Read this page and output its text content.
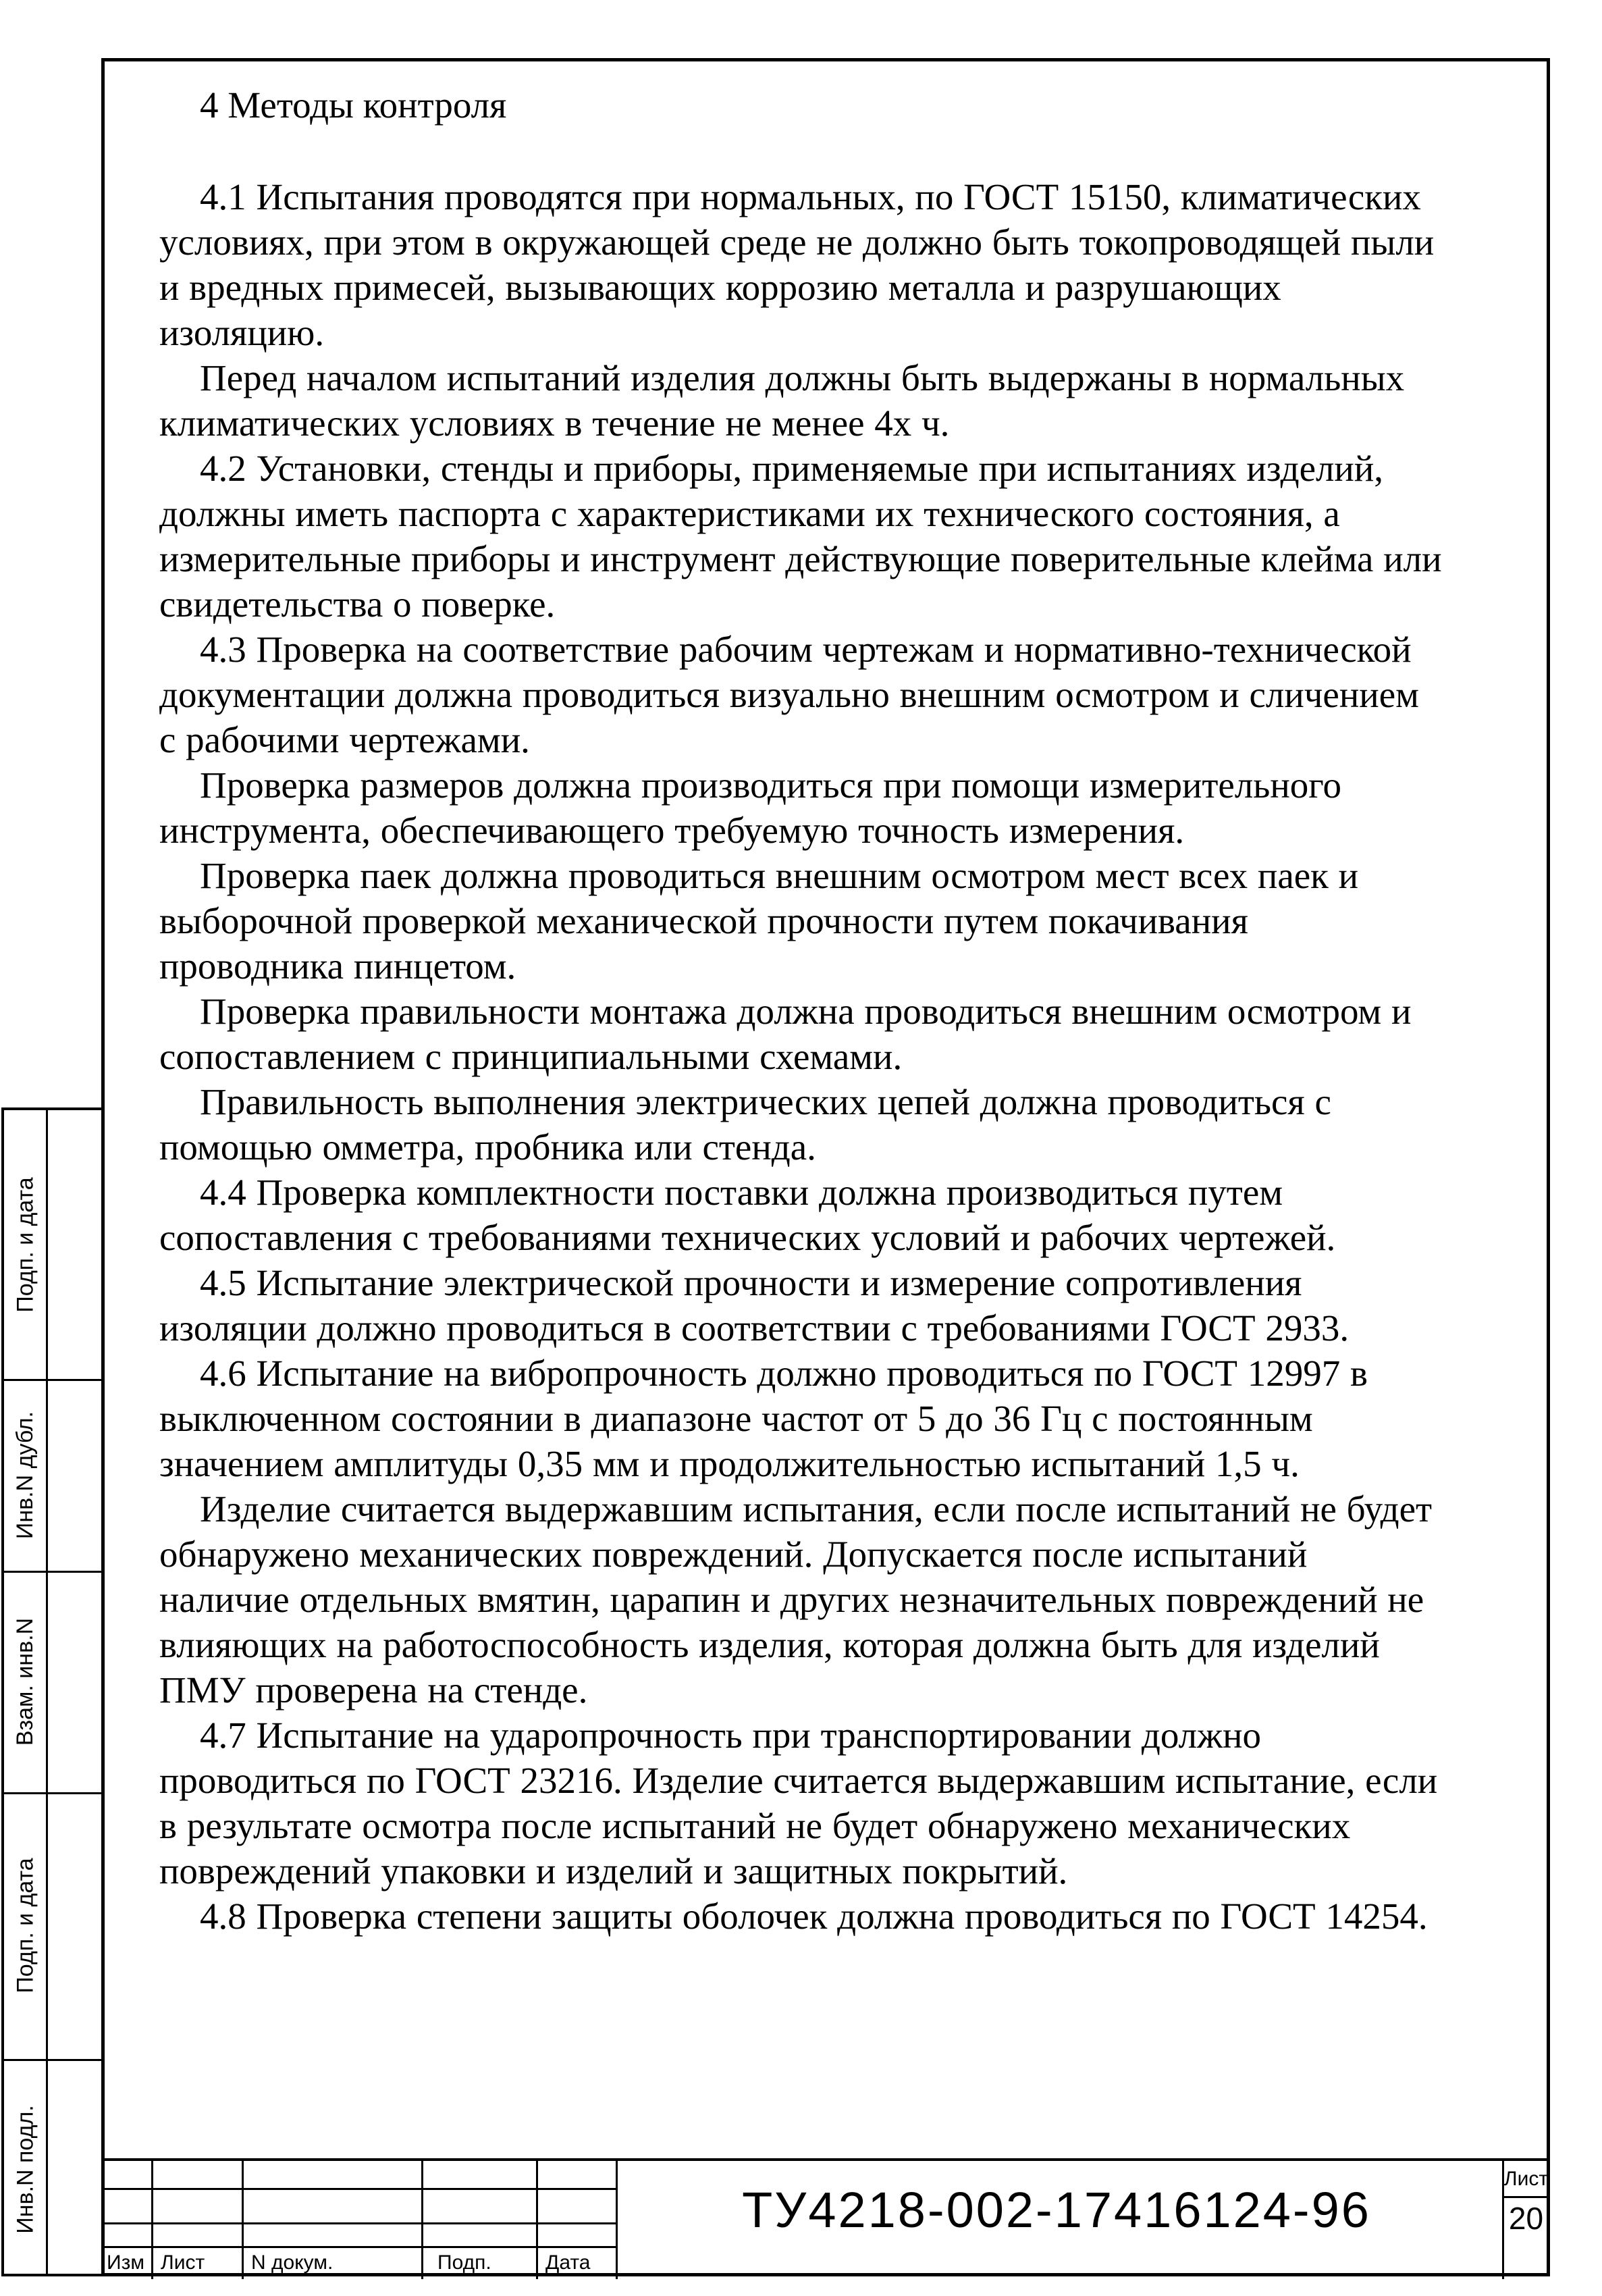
4 Методы контроля

4.1 Испытания проводятся при нормальных, по ГОСТ 15150, климатических условиях, при этом в окружающей среде не должно быть токопроводящей пыли и вредных примесей, вызывающих коррозию металла и разрушающих изоляцию.

Перед началом испытаний изделия должны быть выдержаны в нормальных климатических условиях в течение не менее 4х ч.

4.2 Установки, стенды и приборы, применяемые при испытаниях изделий, должны иметь паспорта с характеристиками их технического состояния, а измерительные приборы и инструмент действующие поверительные клейма или свидетельства о поверке.

4.3 Проверка на соответствие рабочим чертежам и нормативно-технической документации должна проводиться визуально внешним осмотром и сличением с рабочими чертежами.

Проверка размеров должна производиться при помощи измерительного инструмента, обеспечивающего требуемую точность измерения.

Проверка паек должна проводиться внешним осмотром мест всех паек и выборочной проверкой механической прочности путем покачивания проводника пинцетом.

Проверка правильности монтажа должна проводиться внешним осмотром и сопоставлением с принципиальными схемами.

Правильность выполнения электрических цепей должна проводиться с помощью омметра, пробника или стенда.

4.4 Проверка комплектности поставки должна производиться путем сопоставления с требованиями технических условий и рабочих чертежей.

4.5 Испытание электрической прочности и измерение сопротивления изоляции должно проводиться в соответствии с требованиями ГОСТ 2933.

4.6 Испытание на вибропрочность должно проводиться по ГОСТ 12997 в выключенном состоянии в диапазоне частот от 5 до 36 Гц с постоянным значением амплитуды 0,35 мм и продолжительностью испытаний 1,5 ч.

Изделие считается выдержавшим испытания, если после испытаний не будет обнаружено механических повреждений. Допускается после испытаний наличие отдельных вмятин, царапин и других незначительных повреждений не влияющих на работоспособность изделия, которая должна быть для изделий ПМУ проверена на стенде.

4.7 Испытание на ударопрочность при транспортировании должно проводиться по ГОСТ 23216. Изделие считается выдержавшим испытание, если в результате осмотра после испытаний не будет обнаружено механических повреждений упаковки и изделий и защитных покрытий.

4.8 Проверка степени защиты оболочек должна проводиться по ГОСТ 14254.

Подп. и дата
Инв.N дубл.
Взам. инв.N
Подп. и дата
Инв.N подл.
Изм Лист N докум.	Подп.	Дата
ТУ4218-002-17416124-96
Лист
20
